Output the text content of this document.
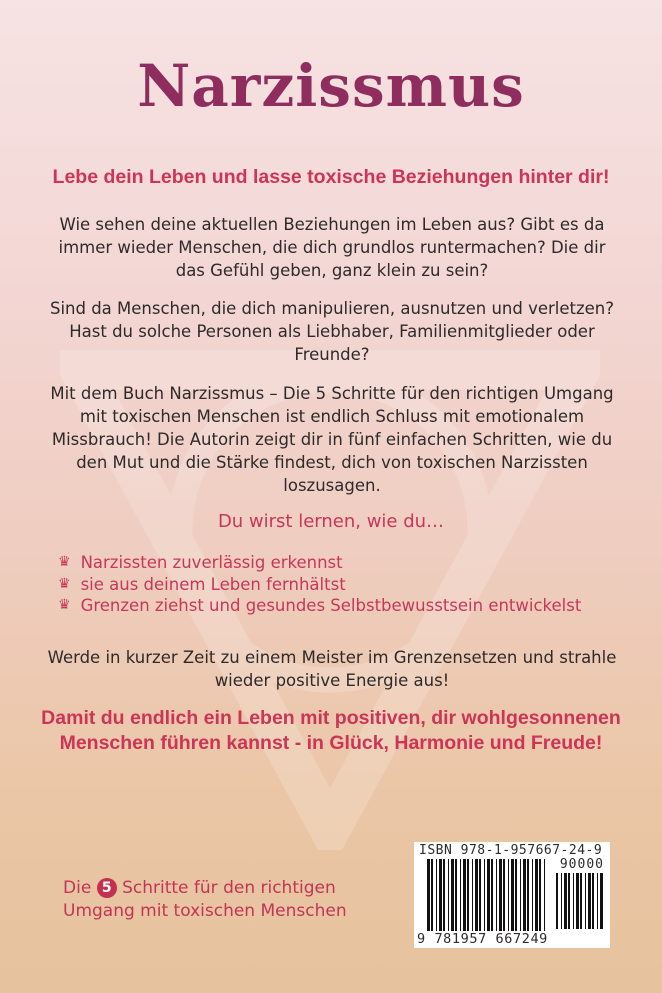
Narzissmus
Lebe dein Leben und lasse toxische Beziehungen hinter dir!
Wie sehen deine aktuellen Beziehungen im Leben aus? Gibt es da immer wieder Menschen, die dich grundlos runtermachen? Die dir das Gefühl geben, ganz klein zu sein?
Sind da Menschen, die dich manipulieren, ausnutzen und verletzen? Hast du solche Personen als Liebhaber, Familienmitglieder oder Freunde?
Mit dem Buch Narzissmus – Die 5 Schritte für den richtigen Umgang mit toxischen Menschen ist endlich Schluss mit emotionalem Missbrauch! Die Autorin zeigt dir in fünf einfachen Schritten, wie du den Mut und die Stärke findest, dich von toxischen Narzissten loszusagen.
Du wirst lernen, wie du…
♛ Narzissten zuverlässig erkennst
♛ sie aus deinem Leben fernhältst
♛ Grenzen ziehst und gesundes Selbstbewusstsein entwickelst
Werde in kurzer Zeit zu einem Meister im Grenzensetzen und strahle wieder positive Energie aus!
Damit du endlich ein Leben mit positiven, dir wohlgesonnenen Menschen führen kannst - in Glück, Harmonie und Freude!
Die 5 Schritte für den richtigen
Umgang mit toxischen Menschen
ISBN 978-1-957667-24-9
90000
9 781957 667249
